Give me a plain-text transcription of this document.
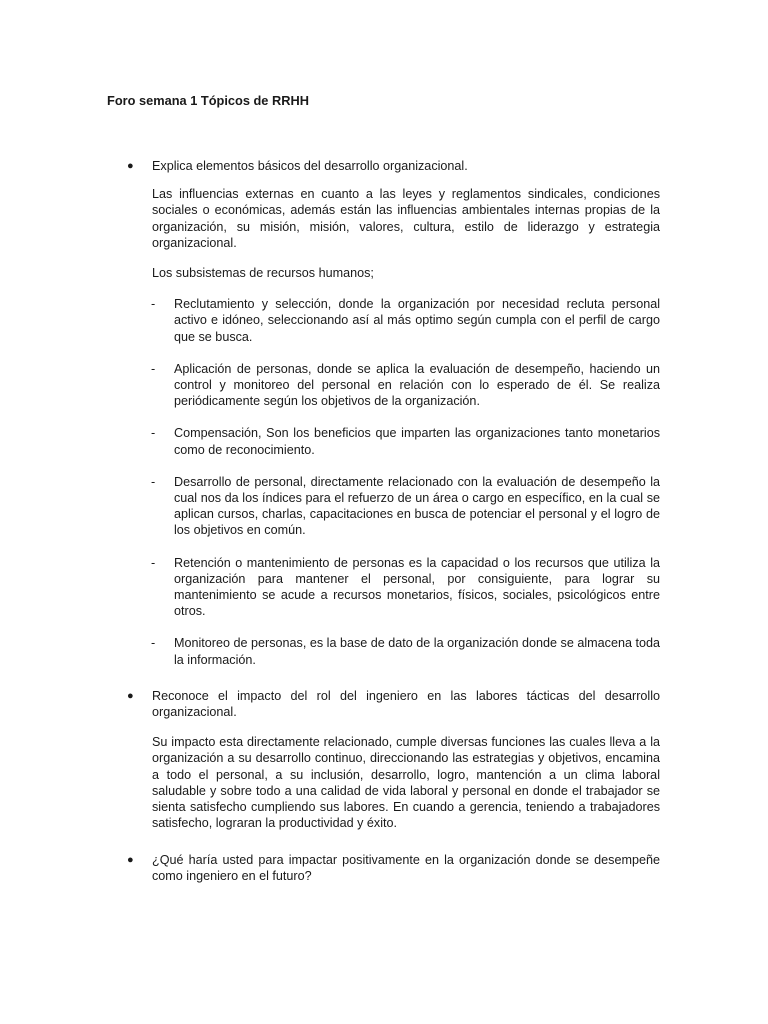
Foro semana 1 Tópicos de RRHH
● Explica elementos básicos del desarrollo organizacional.

Las influencias externas en cuanto a las leyes y reglamentos sindicales, condiciones sociales o económicas, además están las influencias ambientales internas propias de la organización, su misión, misión, valores, cultura, estilo de liderazgo y estrategia organizacional.

Los subsistemas de recursos humanos;

- Reclutamiento y selección, donde la organización por necesidad recluta personal activo e idóneo, seleccionando así al más optimo según cumpla con el perfil de cargo que se busca.

- Aplicación de personas, donde se aplica la evaluación de desempeño, haciendo un control y monitoreo del personal en relación con lo esperado de él. Se realiza periódicamente según los objetivos de la organización.

- Compensación, Son los beneficios que imparten las organizaciones tanto monetarios como de reconocimiento.

- Desarrollo de personal, directamente relacionado con la evaluación de desempeño la cual nos da los índices para el refuerzo de un área o cargo en específico, en la cual se aplican cursos, charlas, capacitaciones en busca de potenciar el personal y el logro de los objetivos en común.

- Retención o mantenimiento de personas es la capacidad o los recursos que utiliza la organización para mantener el personal, por consiguiente, para lograr su mantenimiento se acude a recursos monetarios, físicos, sociales, psicológicos entre otros.

- Monitoreo de personas, es la base de dato de la organización donde se almacena toda la información.

● Reconoce el impacto del rol del ingeniero en las labores tácticas del desarrollo organizacional.

Su impacto esta directamente relacionado, cumple diversas funciones las cuales lleva a la organización a su desarrollo continuo, direccionando las estrategias y objetivos, encamina a todo el personal, a su inclusión, desarrollo, logro, mantención a un clima laboral saludable y sobre todo a una calidad de vida laboral y personal en donde el trabajador se sienta satisfecho cumpliendo sus labores. En cuando a gerencia, teniendo a trabajadores satisfecho, lograran la productividad y éxito.

● ¿Qué haría usted para impactar positivamente en la organización donde se desempeñe como ingeniero en el futuro?
